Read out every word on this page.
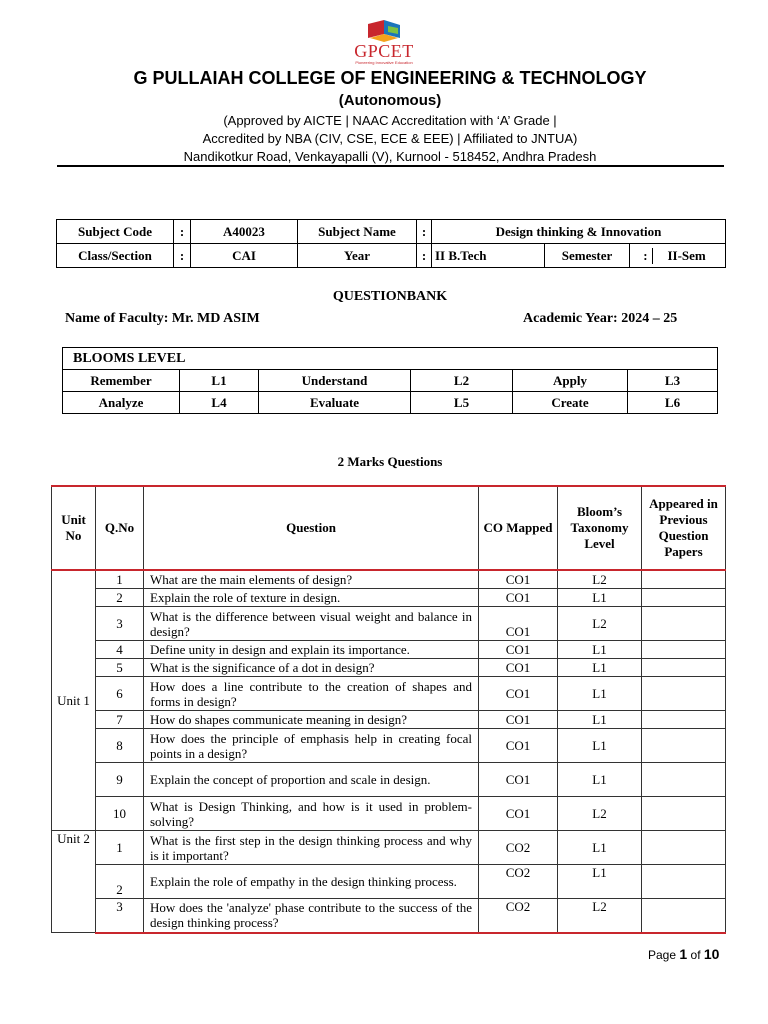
GPCET
Pioneering Innovative Education
G PULLAIAH COLLEGE OF ENGINEERING & TECHNOLOGY
(Autonomous)
(Approved by AICTE | NAAC Accreditation with ‘A’ Grade |
Accredited by NBA (CIV, CSE, ECE & EEE) | Affiliated to JNTUA)
Nandikotkur Road, Venkayapalli (V), Kurnool - 518452, Andhra Pradesh
Subject Code	:	A40023	Subject Name	:	Design thinking & Innovation		
Class/Section	:	CAI	Year	:	II B.Tech	Semester	: II-Sem
QUESTIONBANK
Name of Faculty: Mr. MD ASIM	Academic Year: 2024 – 25
BLOOMS LEVEL					
Remember	L1	Understand	L2	Apply	L3
Analyze	L4	Evaluate	L5	Create	L6
2 Marks Questions
Unit No	Q.No	Question	CO Mapped	Bloom’s Taxonomy Level	Appeared in Previous Question Papers
Unit 1	1	What are the main elements of design?	CO1	L2	
	2	Explain the role of texture in design.	CO1	L1	
	3	What is the difference between visual weight and balance in design?	CO1	L2	
	4	Define unity in design and explain its importance.	CO1	L1	
	5	What is the significance of a dot in design?	CO1	L1	
	6	How does a line contribute to the creation of shapes and forms in design?	CO1	L1	
	7	How do shapes communicate meaning in design?	CO1	L1	
	8	How does the principle of emphasis help in creating focal points in a design?	CO1	L1	
	9	Explain the concept of proportion and scale in design.	CO1	L1	
	10	What is Design Thinking, and how is it used in problem-solving?	CO1	L2	
Unit 2	1	What is the first step in the design thinking process and why is it important?	CO2	L1	
	2	Explain the role of empathy in the design thinking process.	CO2	L1	
	3	How does the 'analyze' phase contribute to the success of the design thinking process?	CO2	L2	
Page 1 of 10
